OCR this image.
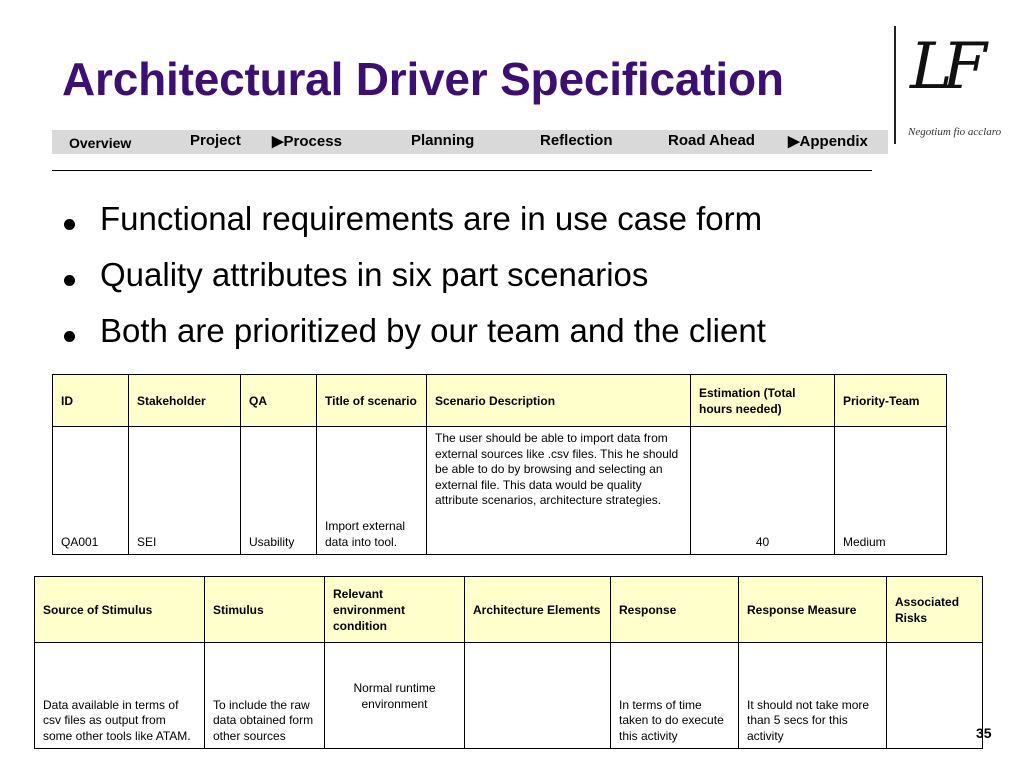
Architectural Driver Specification LF
Negotium fio acclaro
Overview	Project ▶Process	Planning	Reflection	Road Ahead ▶Appendix
Functional requirements are in use case form
Quality attributes in six part scenarios
Both are prioritized by our team and the client
ID	Stakeholder	QA	Title of scenario	Scenario Description	Estimation (Total hours needed)	Priority-Team
QA001	SEI	Usability	Import external data into tool.	The user should be able to import data from external sources like .csv files. This he should be able to do by browsing and selecting an external file. This data would be quality attribute scenarios, architecture strategies.	40	Medium
Source of Stimulus	Stimulus	Relevant environment condition	Architecture Elements	Response	Response Measure	Associated Risks
Data available in terms of csv files as output from some other tools like ATAM.	To include the raw data obtained form other sources	Normal runtime environment		In terms of time taken to do execute this activity	It should not take more than 5 secs for this activity		35
